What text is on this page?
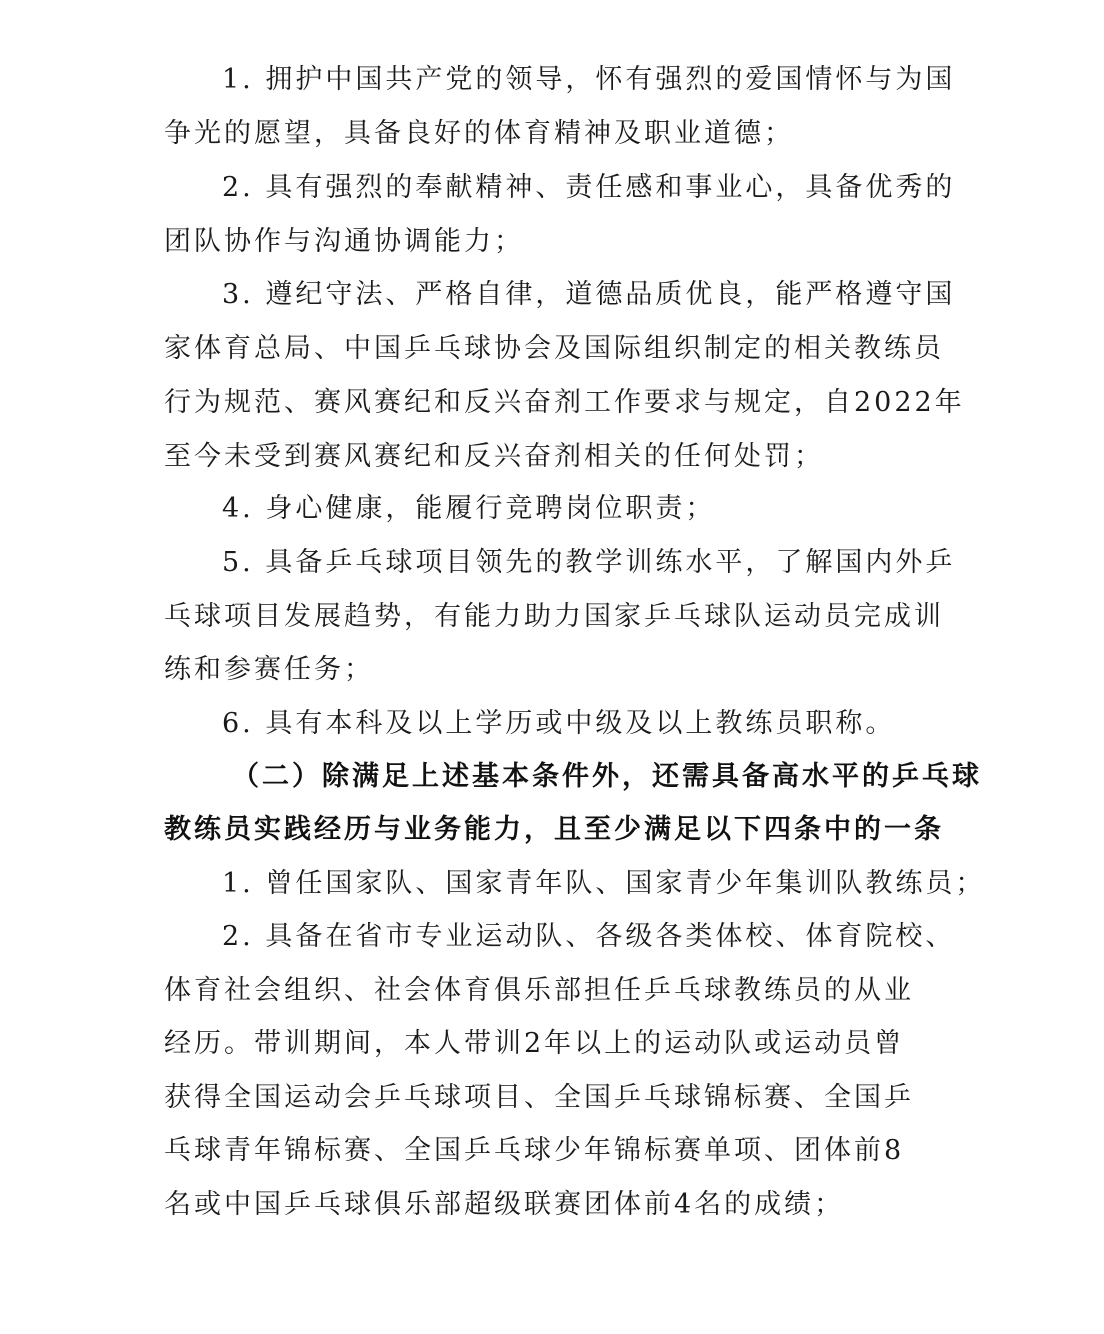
1. 拥护中国共产党的领导，怀有强烈的爱国情怀与为国
争光的愿望，具备良好的体育精神及职业道德；
2. 具有强烈的奉献精神、责任感和事业心，具备优秀的
团队协作与沟通协调能力；
3. 遵纪守法、严格自律，道德品质优良，能严格遵守国
家体育总局、中国乒乓球协会及国际组织制定的相关教练员
行为规范、赛风赛纪和反兴奋剂工作要求与规定，自2022年
至今未受到赛风赛纪和反兴奋剂相关的任何处罚；
4. 身心健康，能履行竞聘岗位职责；
5. 具备乒乓球项目领先的教学训练水平，了解国内外乒
乓球项目发展趋势，有能力助力国家乒乓球队运动员完成训
练和参赛任务；
6. 具有本科及以上学历或中级及以上教练员职称。
（二）除满足上述基本条件外，还需具备高水平的乒乓球
教练员实践经历与业务能力，且至少满足以下四条中的一条
1. 曾任国家队、国家青年队、国家青少年集训队教练员；
2. 具备在省市专业运动队、各级各类体校、体育院校、
体育社会组织、社会体育俱乐部担任乒乓球教练员的从业
经历。带训期间，本人带训2年以上的运动队或运动员曾
获得全国运动会乒乓球项目、全国乒乓球锦标赛、全国乒
乓球青年锦标赛、全国乒乓球少年锦标赛单项、团体前8
名或中国乒乓球俱乐部超级联赛团体前4名的成绩；
